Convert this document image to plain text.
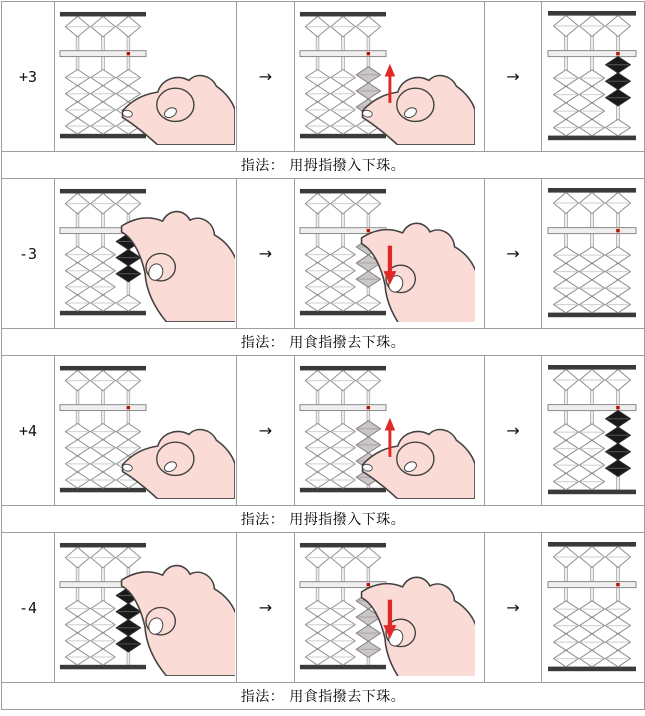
+3		→		→	

指法： 用拇指撥入下珠。					
-3		→		→	

指法： 用食指撥去下珠。					
+4		→		→	

指法： 用拇指撥入下珠。					
-4		→		→	

指法： 用食指撥去下珠。					
